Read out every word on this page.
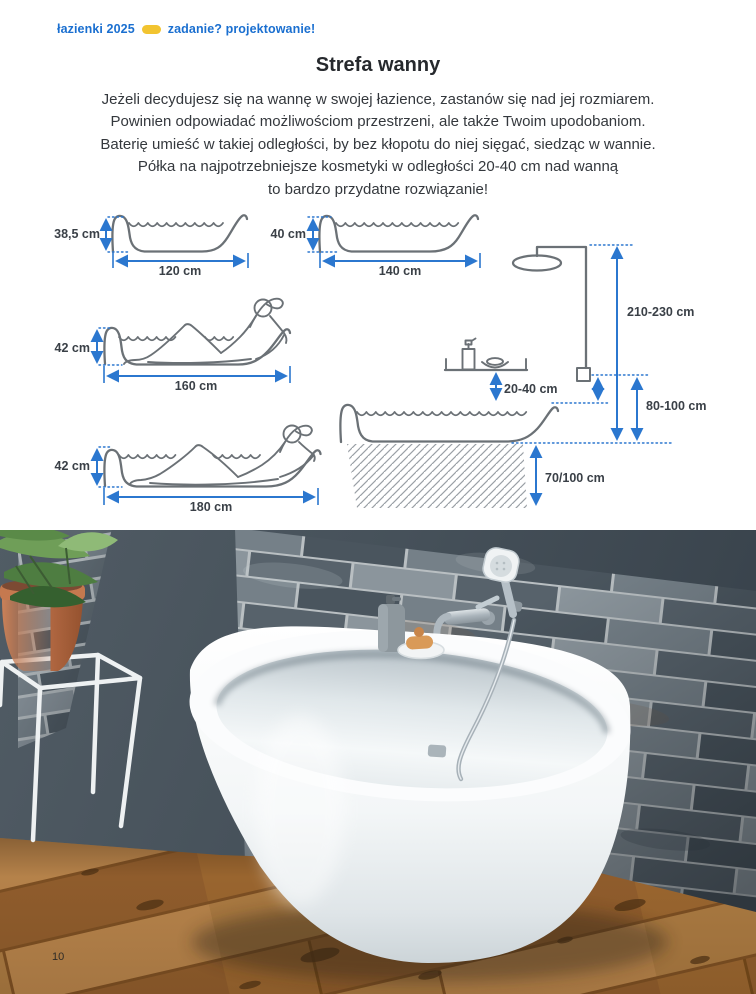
łazienki 2025	zadanie? projektowanie!
Strefa wanny

Jeżeli decydujesz się na wannę w swojej łazience, zastanów się nad jej rozmiarem.
Powinien odpowiadać możliwościom przestrzeni, ale także Twoim upodobaniom.
Baterię umieść w takiej odległości, by bez kłopotu do niej sięgać, siedząc w wannie.
Półka na najpotrzebniejsze kosmetyki w odległości 20-40 cm nad wanną
to bardzo przydatne rozwiązanie!

38,5 cm
120 cm
40 cm
140 cm
42 cm
160 cm
42 cm
180 cm
210-230 cm
80-100 cm
20-40 cm
70/100 cm
10
